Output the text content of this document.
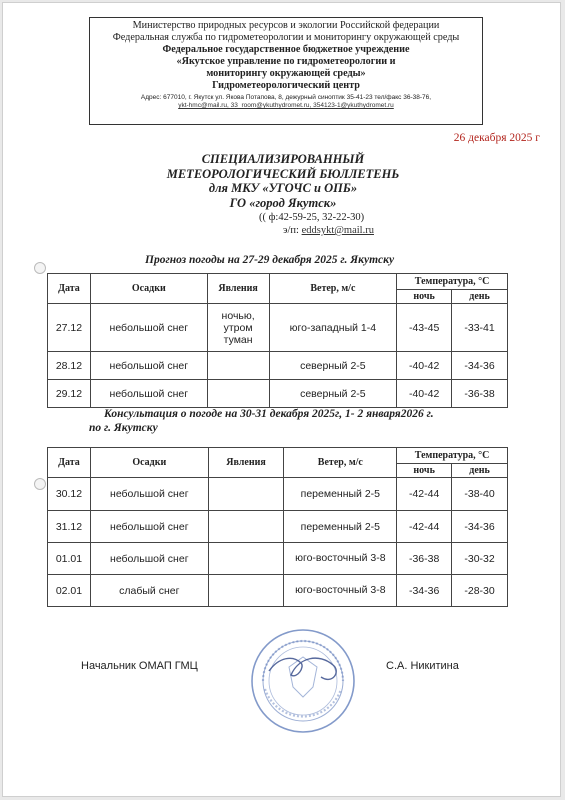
Министерство природных ресурсов и экологии Российской федерации
Федеральная служба по гидрометеорологии и мониторингу окружающей среды
Федеральное государственное бюджетное учреждение
«Якутское управление по гидрометеорологии и
мониторингу окружающей среды»
Гидрометеорологический центр
Адрес: 677010, г. Якутск ул. Якова Потапова, 8, дежурный синоптик 35-41-23 тел/факс 36-38-76,
ykt-hmc@mail.ru, 33_room@ykuthydromet.ru, 354123-1@ykuthydromet.ru
26 декабря 2025 г
СПЕЦИАЛИЗИРОВАННЫЙ
МЕТЕОРОЛОГИЧЕСКИЙ БЮЛЛЕТЕНЬ
для МКУ «УГОЧС и ОПБ»
ГО «город Якутск»
(( ф:42-59-25, 32-22-30)
э/п: eddsykt@mail.ru
Прогноз погоды на 27-29 декабря 2025 г. Якутску
Дата	Осадки	Явления	Ветер, м/с	Температура, °С	
				ночь	день
27.12	небольшой снег	ночью, утром туман	юго-западный 1-4	-43-45	-33-41
28.12	небольшой снег		северный 2-5	-40-42	-34-36
29.12	небольшой снег		северный 2-5	-40-42	-36-38
Консультация о погоде на 30-31 декабря 2025г, 1- 2 января2026 г.
по г. Якутску
Дата	Осадки	Явления	Ветер, м/с	Температура, °С	
				ночь	день
30.12	небольшой снег		переменный 2-5	-42-44	-38-40
31.12	небольшой снег		переменный 2-5	-42-44	-34-36
01.01	небольшой снег		юго-восточный 3-8	-36-38	-30-32
02.01	слабый снег		юго-восточный 3-8	-34-36	-28-30
Начальник ОМАП ГМЦ	С.А. Никитина
